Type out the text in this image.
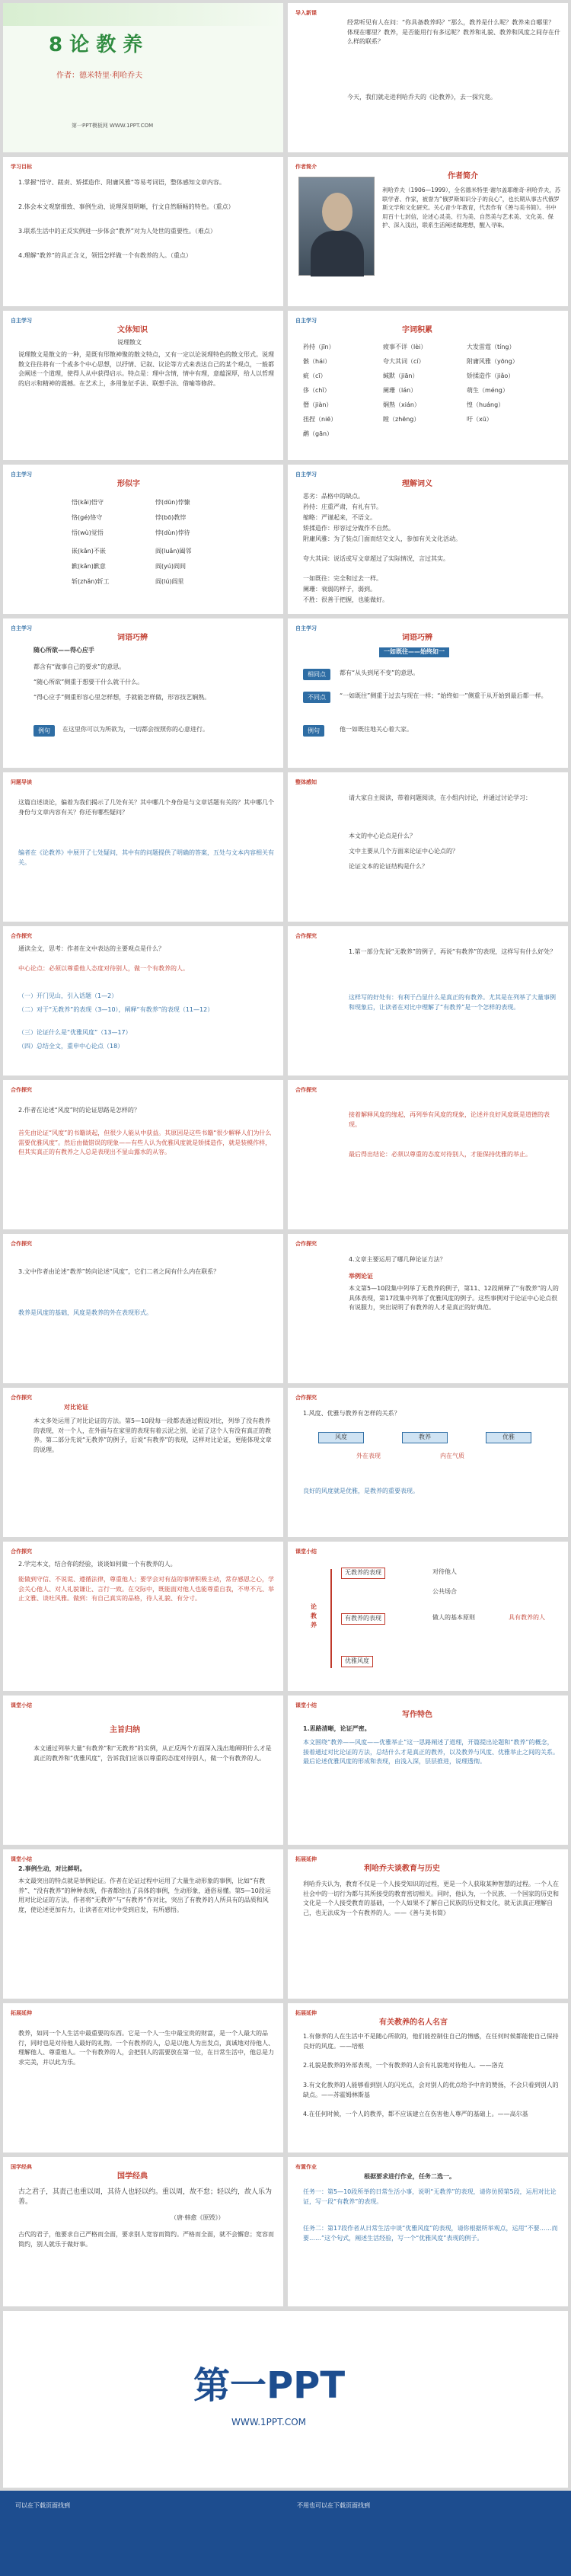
8 论 教 养
作者：德米特里·利哈乔夫
第一PPT模板网 WWW.1PPT.COM
导入新课
经常听见有人在问：“你具备教养吗？”那么，教养是什么呢？教养来自哪里？体现在哪里？教养，是否能用行有多远呢？教养和礼貌、教养和风度之间存在什么样的联系？
今天，我们就走进利哈乔夫的《论教养》，去一探究竟。
学习目标
1.掌握“悟守、蹉责、矫揉造作、附庸风雅”等易考词语，整体感知文章内容。
2.体会本文观察细致、事例生动、说理深刻明晰，行文自然顺畅的特色。（重点）
3.联系生活中的正反实例进一步体会“教养”对为人处世的重要性。（难点）
4.理解“教养”的具正含义，领悟怎样做一个有教养的人。（重点）
作者简介
作者简介
利哈乔夫（1906—1999），全名德米特里·谢尔盖耶维奇·利哈乔夫，苏联学者、作家，被誉为“俄罗斯知识分子的良心”，也长期从事古代俄罗斯文学和文化研究。关心青少年教育，代表作有《善与美书简》。书中用百十七封信，论述心灵美、行为美、自然美与艺术美、文化美、保护、深入浅出，联系生活阐述做理想，醒入寻味。
自主学习
文体知识
说理散文
说理散文是散文的一种，是既有形散神聚的散文特点，又有一定以论说理特色的散文形式。说理散文往往将有一个或多个中心思想，以抒情、记叙、议论等方式来表达自己的某个观点，一般都会阐述一个道理，使得人从中获得启示。特点是：理中含情，情中有理，意蕴深厚，给人以哲理的启示和精神的震撼。在艺术上，多用象征手法、联想手法、借喻等修辞。
自主学习
字词积累
矜持（jīn）	疲事不详（lèi）	大发雷霆（tíng）
骸（hái）	夸大其词（cí）	附庸风雅（yōng）
疵（cī）	缄默（jiān）	矫揉造作（jiǎo）
侈（chǐ）	阑珊（lán）	萌生（méng）
僭（jiàn）	娴熟（xián）	惶（huáng）
扭捏（niē）	瞠（zhēng）	吁（xū）
鹬（gān）
自主学习
形似字
悟(kǎi)悟守	悖(dūn)悖慷
恪(gé)恪守	悖(bō)教悖
悟(wù)觉悟	悖(dùn)悖待
嵌(kǎn)不嵌	阎(luǎn)阖邻
歉(kǎn)歉意	阎(yú)阎闾
斩(zhǎn)斩工	阎(lú)阎里
自主学习
理解词义
恶劣：品格中的缺点。
矜持：庄重严肃，有礼有节。
缩略：严谨起来，不语文。
矫揉造作：形容过分做作不自然。
附庸风雅：为了装点门面而结交文人，参加有关文化活动。
夸大其词：说话或写文章超过了实际情况，言过其实。
一如既往：完全和过去一样。
阑珊：衰弱的样子，弱到。
不胜：很善于把握，也能做好。
自主学习
词语巧辨
随心所欲——得心应手
都含有“做事自己的要求”的意思。
“随心所欲”侧重于想要干什么就干什么。
“得心应手”侧重形容心里怎样想，手就能怎样做，形容技艺娴熟。
例句	在这里你可以为所欲为，一切都会按照你的心意进行。
自主学习
词语巧辨
一如既往——始终如一
相同点	都有“从头到尾不变”的意思。
不同点	“一如既往”侧重于过去与现在一样；“始终如一”侧重于从开始到最后都一样。
例句	他一如既往地关心着大家。
问题导读
这篇自述谈论，偏着为我们揭示了几处有关？其中哪几个身份是与文章话题有关的？其中哪几个身份与文章内容有关？你还有哪些疑问？
编者在《论教养》中展开了七处疑问，其中有的问题提供了明确的答案，五处与文本内容相关有关。
整体感知
请大家自主阅读，带着问题阅读，在小组内讨论，并通过讨论学习：
本文的中心论点是什么？
文中主要从几个方面来论证中心论点的？
论证文本的论证结构是什么？
合作探究
通读全文，思考：作者在文中表达的主要观点是什么？
中心论点：必须以尊重他人态度对待别人，做一个有教养的人。
（一）开门见山，引入话题（1—2）
（二）对于“无教养”的表现（3—10），阐释“有教养”的表现（11—12）
（三）论证什么是“优雅风度”（13—17）
（四）总结全文，重申中心论点（18）
合作探究
1.第一部分先说“无教养”的例子，再说“有教养”的表现，这样写有什么好处？
这样写的好处有：有利于凸显什么是真正的有教养。尤其是在列举了大量事例和现象后，让读者在对比中理解了“有教养”是一个怎样的表现。
合作探究
2.作者在论述“风度”时的论证思路是怎样的？
首先由论证“风度”的书籍谈起，但很少人能从中获益。其原因是这些书籍“很少解释人们为什么需要优雅风度”。然后由做错误的现象——有些人认为优雅风度就是矫揉造作，就是装模作样，但其实真正的有教养之人总是表现出不显山露水的从容。
合作探究
接着解释风度的缘起，再列举有风度的现象，论述并良好风度既是道德的表现。
最后得出结论：必须以尊重的态度对待别人，才能保持优雅的举止。
合作探究
3.文中作者由论述“教养”转向论述“风度”，它们二者之间有什么内在联系？
教养是风度的基础，风度是教养的外在表现形式。
合作探究
4.文章主要运用了哪几种论证方法？
举例论证
本文第5—10段集中列举了无教养的例子，第11、12段阐释了“有教养”的人的具体表现，第17段集中列举了优雅风度的例子。这些事例对于论证中心论点很有说服力，突出说明了有教养的人才是真正的好典范。
合作探究
对比论证
本文多处运用了对比论证的方法。第5—10段每一段都表通过假设对比，列举了没有教养的表现，对一个人，在外面与在家里的表现有着云泥之别，论证了这个人有没有真正的教养。第二部分先说“无教养”的例子，后说“有教养”的表现，这样对比论证，更能体现文章的说理。
合作探究
1.风度、优雅与教养有怎样的关系？
风度	教养	优雅
外在表现	内在气质
良好的风度就是优雅，是教养的重要表现。
合作探究
2.学完本文，结合你的经验，谈谈如何做一个有教养的人。
能做到守信、不说谎、遵循法律，尊重他人；要学会对有益的事情积极主动，常存感恩之心，学会关心他人、对人礼貌谦让、言行一致。在交际中，既能面对他人也能尊重自我，不卑不亢、举止文雅、谈吐风雅。做到：有自己真实的品格，待人礼貌、有分寸。
课堂小结
论教养
无教养的表现
有教养的表现
优雅风度
对待他人
公共场合
做人的基本原则	具有教养的人
课堂小结
主旨归纳
本文通过列举大量“有教养”和“无教养”的实例，从正反两个方面深入浅出地阐明什么才是真正的教养和“优雅风度”，告诉我们应该以尊重的态度对待别人，做一个有教养的人。
课堂小结
写作特色
1.思路清晰，论证严密。
本文围绕“教养——风度——优雅举止”这一思路阐述了道理，开篇提出论题和“教养”的概念，接着通过对比论证的方法，总结什么才是真正的教养，以及教养与风度、优雅举止之间的关系。最后论述优雅风度的形成和表现，由浅入深，层层推进，说理透彻。
课堂小结
2.事例生动，对比鲜明。
本文最突出的特点就是举例论证。作者在论证过程中运用了大量生动形象的事例，比如“有教养”、“没有教养”的种种表现，作者都给出了具体的事例，生动形象，通俗易懂。第5—10段运用对比论证的方法，作者将“无教养”与“有教养”作对比，突出了有教养的人所具有的品质和风度，使论述更加有力，让读者在对比中受到启发，有所感悟。
拓展延伸
利哈乔夫谈教育与历史
利哈乔夫认为，教育不仅是一个人接受知识的过程，更是一个人获取某种智慧的过程。一个人在社会中的一切行为都与其所接受的教育密切相关。同时，他认为，一个民族、一个国家的历史和文化是一个人接受教育的基础，一个人如果不了解自己民族的历史和文化，就无法真正理解自己，也无法成为一个有教养的人。——《善与美书简》
拓展延伸
教养，如同一个人生活中最重要的东西。它是一个人一生中最宝贵的财富，是一个人最大的品行，同时也是对待他人最好的礼物。一个有教养的人，总是以他人为出发点，真诚地对待他人、理解他人、尊重他人。一个有教养的人，会把别人的需要放在第一位，在日常生活中，他总是力求完美，并以此为乐。
拓展延伸
有关教养的名人名言
1.有修养的人在生活中不是随心所欲的，他们能控制住自己的情感，在任何时候都能使自己保持良好的风度。——培根
2.礼貌是教养的外部表现，一个有教养的人会有礼貌地对待他人。——洛克
3.有文化教养的人能够看到别人的闪光点，会对别人的优点给予中肯的赞扬，不会只看到别人的缺点。——苏霍姆林斯基
4.在任何时候，一个人的教养，都不应该建立在伤害他人尊严的基础上。——高尔基
国学经典
国学经典
古之君子，其责己也重以周，其待人也轻以约。重以周，故不怠；轻以约，故人乐为善。
（唐·韩愈《原毁》）
古代的君子，他要求自己严格而全面，要求别人宽容而简约。严格而全面，就不会懈怠；宽容而简约，别人就乐于做好事。
布置作业
根据要求进行作业，任务二选一。
任务一：第5—10段所举的日常生活小事，说明“无教养”的表现，请你仿照第5段，运用对比论证，写一段“有教养”的表现。
任务二：第17段作者从日常生活中谈“优雅风度”的表现，请你根据所举观点，运用“不要……而要……”这个句式，阐述生活经验，写一个“优雅风度”表现的例子。
第一PPT
WWW.1PPT.COM
可以在下载页面找到	不用也可以在下载页面找到
